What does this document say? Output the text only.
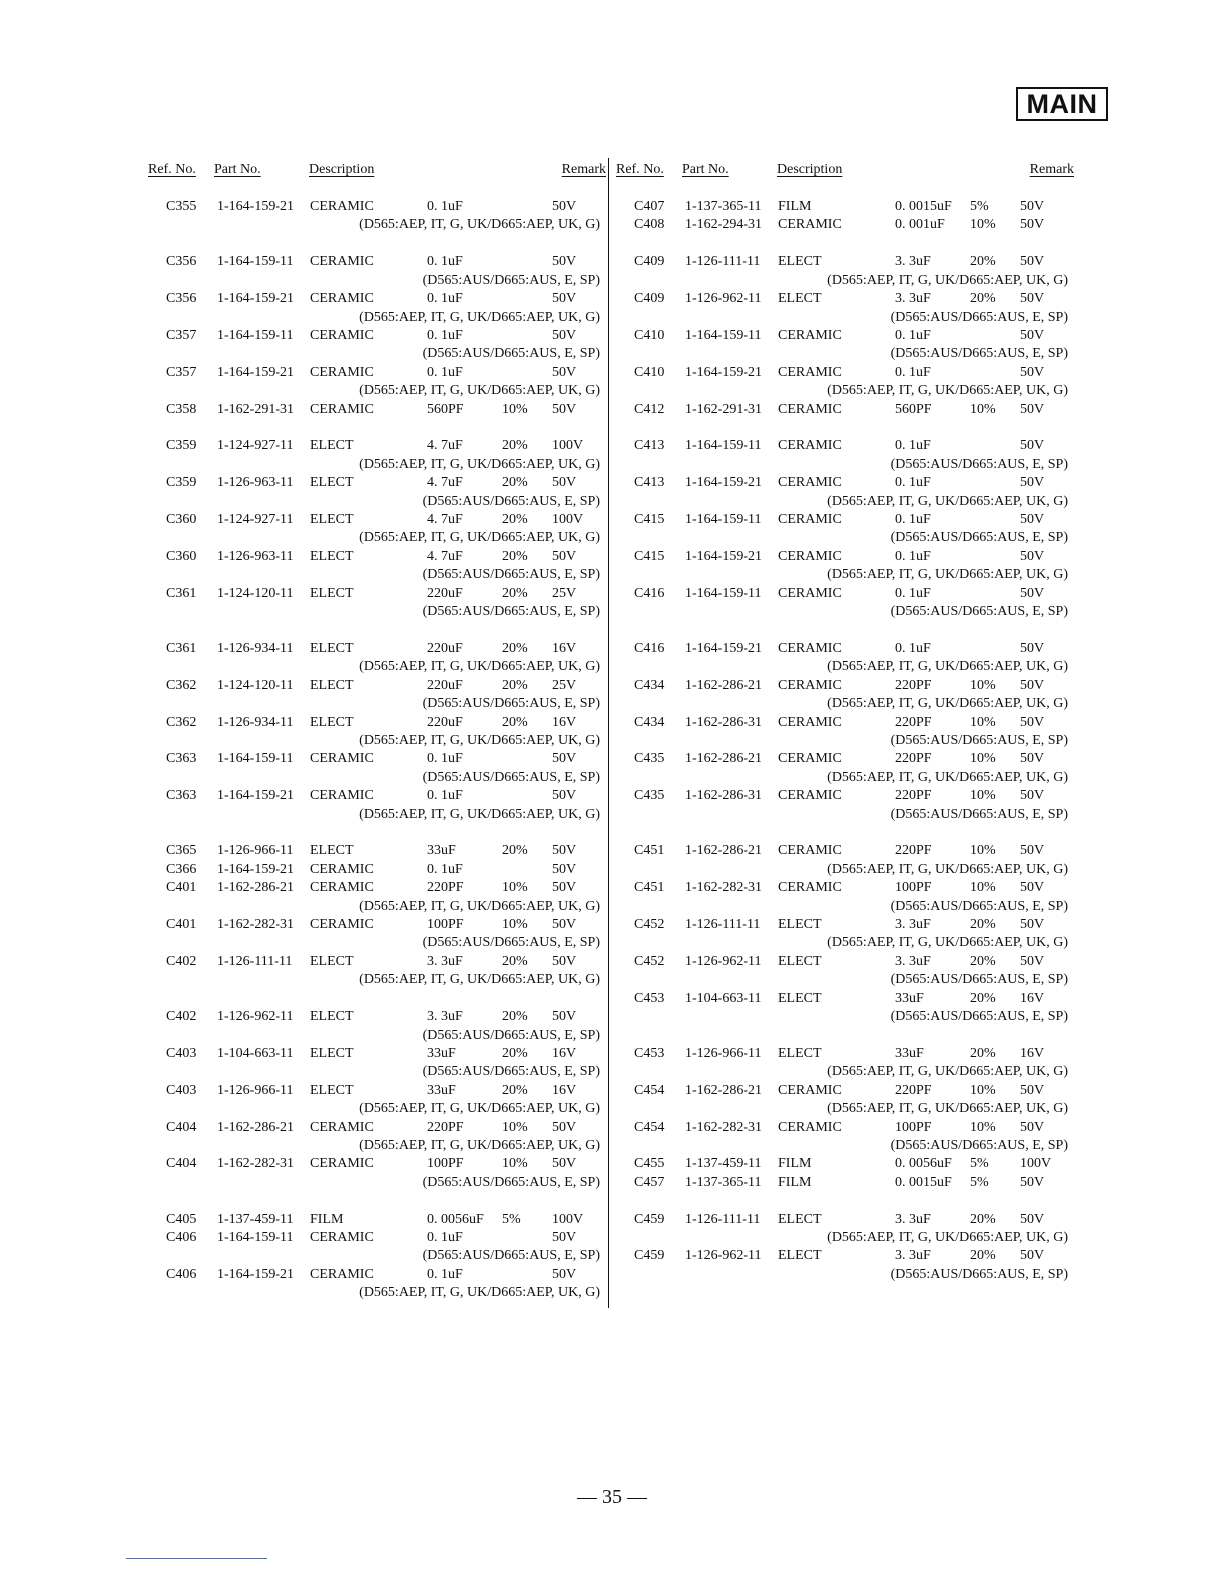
MAIN
Ref. No. Part No.	Description	Remark
C355 1-164-159-21 CERAMIC	0. 1uF	50V
(D565:AEP, IT, G, UK/D665:AEP, UK, G)
C356 1-164-159-11 CERAMIC	0. 1uF	50V
(D565:AUS/D665:AUS, E, SP)
C356 1-164-159-21 CERAMIC	0. 1uF	50V
(D565:AEP, IT, G, UK/D665:AEP, UK, G)
C357 1-164-159-11 CERAMIC	0. 1uF	50V
(D565:AUS/D665:AUS, E, SP)
C357 1-164-159-21 CERAMIC	0. 1uF	50V
(D565:AEP, IT, G, UK/D665:AEP, UK, G)
C358 1-162-291-31 CERAMIC	560PF	10% 50V
C359 1-124-927-11 ELECT	4. 7uF	20% 100V
(D565:AEP, IT, G, UK/D665:AEP, UK, G)
C359 1-126-963-11 ELECT	4. 7uF	20% 50V
(D565:AUS/D665:AUS, E, SP)
C360 1-124-927-11 ELECT	4. 7uF	20% 100V
(D565:AEP, IT, G, UK/D665:AEP, UK, G)
C360 1-126-963-11 ELECT	4. 7uF	20% 50V
(D565:AUS/D665:AUS, E, SP)
C361 1-124-120-11 ELECT	220uF	20% 25V
(D565:AUS/D665:AUS, E, SP)
C361 1-126-934-11 ELECT	220uF	20% 16V
(D565:AEP, IT, G, UK/D665:AEP, UK, G)
C362 1-124-120-11 ELECT	220uF	20% 25V
(D565:AUS/D665:AUS, E, SP)
C362 1-126-934-11 ELECT	220uF	20% 16V
(D565:AEP, IT, G, UK/D665:AEP, UK, G)
C363 1-164-159-11 CERAMIC	0. 1uF	50V
(D565:AUS/D665:AUS, E, SP)
C363 1-164-159-21 CERAMIC	0. 1uF	50V
(D565:AEP, IT, G, UK/D665:AEP, UK, G)
C365 1-126-966-11 ELECT	33uF	20% 50V
C366 1-164-159-21 CERAMIC	0. 1uF	50V
C401 1-162-286-21 CERAMIC	220PF	10% 50V
(D565:AEP, IT, G, UK/D665:AEP, UK, G)
C401 1-162-282-31 CERAMIC	100PF	10% 50V
(D565:AUS/D665:AUS, E, SP)
C402 1-126-111-11 ELECT	3. 3uF	20% 50V
(D565:AEP, IT, G, UK/D665:AEP, UK, G)
C402 1-126-962-11 ELECT	3. 3uF	20% 50V
(D565:AUS/D665:AUS, E, SP)
C403 1-104-663-11 ELECT	33uF	20% 16V
(D565:AUS/D665:AUS, E, SP)
C403 1-126-966-11 ELECT	33uF	20% 16V
(D565:AEP, IT, G, UK/D665:AEP, UK, G)
C404 1-162-286-21 CERAMIC	220PF	10% 50V
(D565:AEP, IT, G, UK/D665:AEP, UK, G)
C404 1-162-282-31 CERAMIC	100PF	10% 50V
(D565:AUS/D665:AUS, E, SP)
C405 1-137-459-11 FILM	0. 0056uF 5% 100V
C406 1-164-159-11 CERAMIC	0. 1uF	50V
(D565:AUS/D665:AUS, E, SP)
C406 1-164-159-21 CERAMIC	0. 1uF	50V
(D565:AEP, IT, G, UK/D665:AEP, UK, G)
Ref. No. Part No.	Description	Remark
C407 1-137-365-11 FILM	0. 0015uF 5% 50V
C408 1-162-294-31 CERAMIC	0. 001uF 10% 50V
C409 1-126-111-11 ELECT	3. 3uF	20% 50V
(D565:AEP, IT, G, UK/D665:AEP, UK, G)
C409 1-126-962-11 ELECT	3. 3uF	20% 50V
(D565:AUS/D665:AUS, E, SP)
C410 1-164-159-11 CERAMIC	0. 1uF	50V
(D565:AUS/D665:AUS, E, SP)
C410 1-164-159-21 CERAMIC	0. 1uF	50V
(D565:AEP, IT, G, UK/D665:AEP, UK, G)
C412 1-162-291-31 CERAMIC	560PF	10% 50V
C413 1-164-159-11 CERAMIC	0. 1uF	50V
(D565:AUS/D665:AUS, E, SP)
C413 1-164-159-21 CERAMIC	0. 1uF	50V
(D565:AEP, IT, G, UK/D665:AEP, UK, G)
C415 1-164-159-11 CERAMIC	0. 1uF	50V
(D565:AUS/D665:AUS, E, SP)
C415 1-164-159-21 CERAMIC	0. 1uF	50V
(D565:AEP, IT, G, UK/D665:AEP, UK, G)
C416 1-164-159-11 CERAMIC	0. 1uF	50V
(D565:AUS/D665:AUS, E, SP)
C416 1-164-159-21 CERAMIC	0. 1uF	50V
(D565:AEP, IT, G, UK/D665:AEP, UK, G)
C434 1-162-286-21 CERAMIC	220PF	10% 50V
(D565:AEP, IT, G, UK/D665:AEP, UK, G)
C434 1-162-286-31 CERAMIC	220PF	10% 50V
(D565:AUS/D665:AUS, E, SP)
C435 1-162-286-21 CERAMIC	220PF	10% 50V
(D565:AEP, IT, G, UK/D665:AEP, UK, G)
C435 1-162-286-31 CERAMIC	220PF	10% 50V
(D565:AUS/D665:AUS, E, SP)
C451 1-162-286-21 CERAMIC	220PF	10% 50V
(D565:AEP, IT, G, UK/D665:AEP, UK, G)
C451 1-162-282-31 CERAMIC	100PF	10% 50V
(D565:AUS/D665:AUS, E, SP)
C452 1-126-111-11 ELECT	3. 3uF	20% 50V
(D565:AEP, IT, G, UK/D665:AEP, UK, G)
C452 1-126-962-11 ELECT	3. 3uF	20% 50V
(D565:AUS/D665:AUS, E, SP)
C453 1-104-663-11 ELECT	33uF	20% 16V
(D565:AUS/D665:AUS, E, SP)
C453 1-126-966-11 ELECT	33uF	20% 16V
(D565:AEP, IT, G, UK/D665:AEP, UK, G)
C454 1-162-286-21 CERAMIC	220PF	10% 50V
(D565:AEP, IT, G, UK/D665:AEP, UK, G)
C454 1-162-282-31 CERAMIC	100PF	10% 50V
(D565:AUS/D665:AUS, E, SP)
C455 1-137-459-11 FILM	0. 0056uF 5% 100V
C457 1-137-365-11 FILM	0. 0015uF 5% 50V
C459 1-126-111-11 ELECT	3. 3uF	20% 50V
(D565:AEP, IT, G, UK/D665:AEP, UK, G)
C459 1-126-962-11 ELECT	3. 3uF	20% 50V
(D565:AUS/D665:AUS, E, SP)
— 35 —
